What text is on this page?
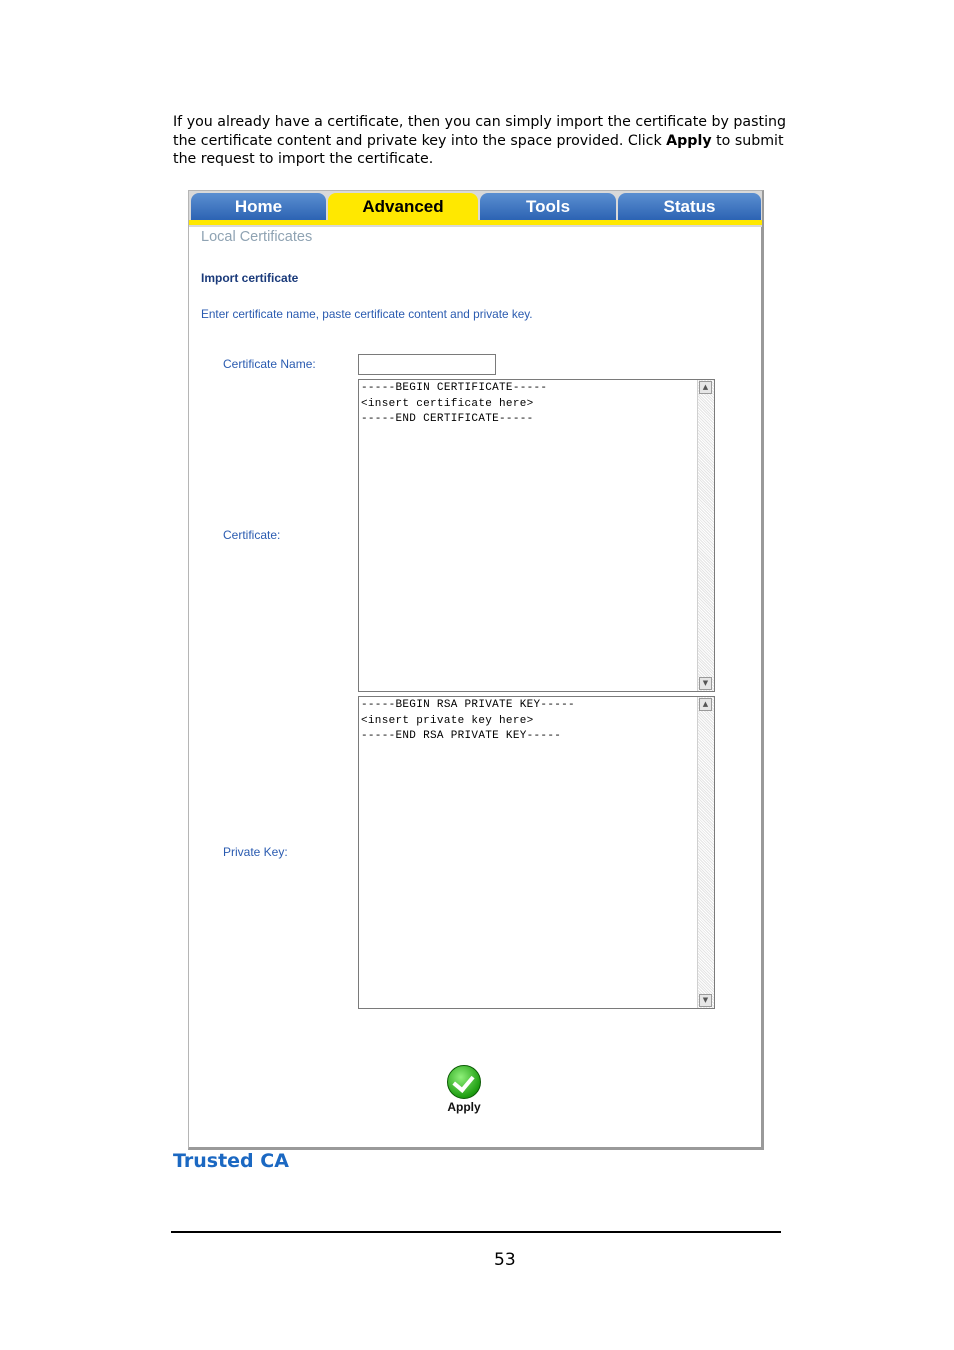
If you already have a certificate, then you can simply import the certificate by pasting the certificate content and private key into the space provided. Click Apply to submit the request to import the certificate.
Home	Advanced	Tools	Status
Local Certificates
Import certificate
Enter certificate name, paste certificate content and private key.
Certificate Name:
Certificate:
-----BEGIN CERTIFICATE-----
<insert certificate here>
-----END CERTIFICATE-----
▲
▼
Private Key:
-----BEGIN RSA PRIVATE KEY-----
<insert private key here>
-----END RSA PRIVATE KEY-----
▲
▼
Apply
Trusted CA
53
